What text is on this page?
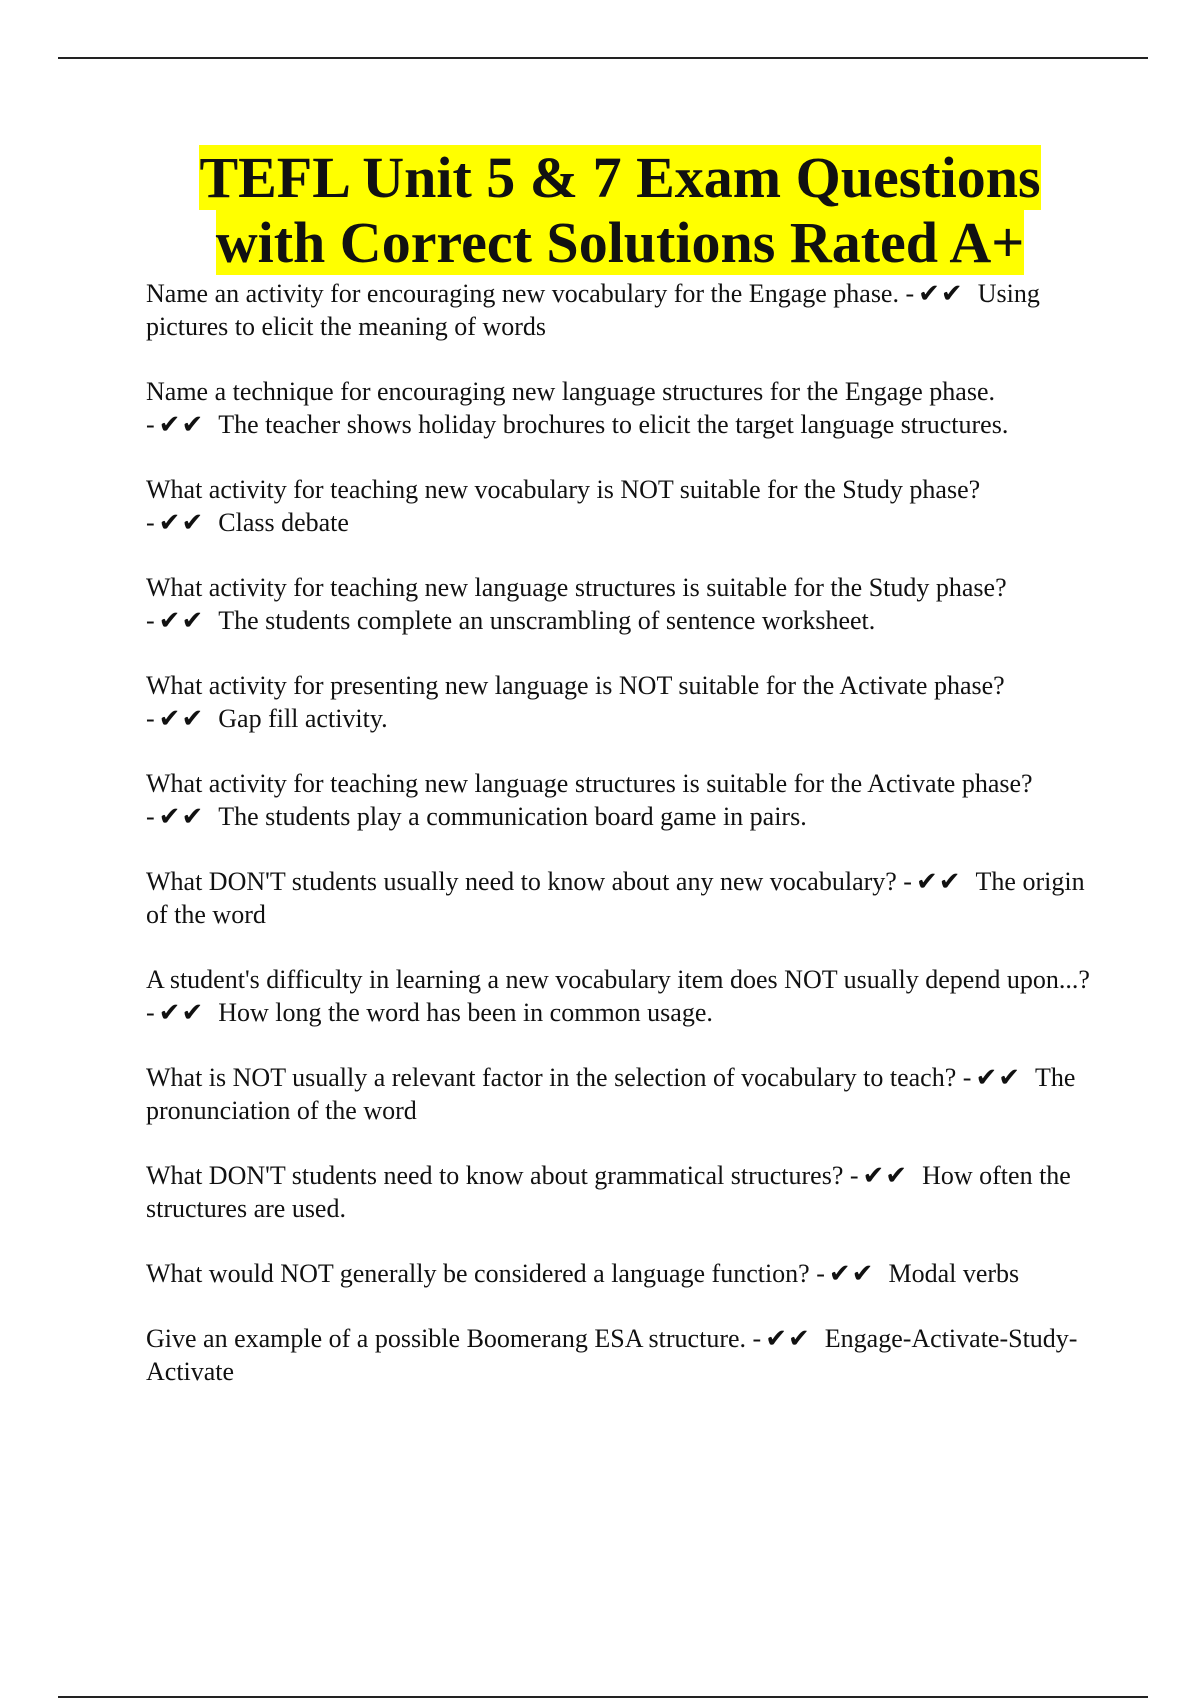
TEFL Unit 5 & 7 Exam Questions with Correct Solutions Rated A+

Name an activity for encouraging new vocabulary for the Engage phase. - ✔✔ Using pictures to elicit the meaning of words

Name a technique for encouraging new language structures for the Engage phase. - ✔✔ The teacher shows holiday brochures to elicit the target language structures.

What activity for teaching new vocabulary is NOT suitable for the Study phase? - ✔✔ Class debate

What activity for teaching new language structures is suitable for the Study phase? - ✔✔ The students complete an unscrambling of sentence worksheet.

What activity for presenting new language is NOT suitable for the Activate phase? - ✔✔ Gap fill activity.

What activity for teaching new language structures is suitable for the Activate phase? - ✔✔ The students play a communication board game in pairs.

What DON'T students usually need to know about any new vocabulary? - ✔✔ The origin of the word

A student's difficulty in learning a new vocabulary item does NOT usually depend upon...? - ✔✔ How long the word has been in common usage.

What is NOT usually a relevant factor in the selection of vocabulary to teach? - ✔✔ The pronunciation of the word

What DON'T students need to know about grammatical structures? - ✔✔ How often the structures are used.

What would NOT generally be considered a language function? - ✔✔ Modal verbs

Give an example of a possible Boomerang ESA structure. - ✔✔ Engage-Activate-Study-Activate
